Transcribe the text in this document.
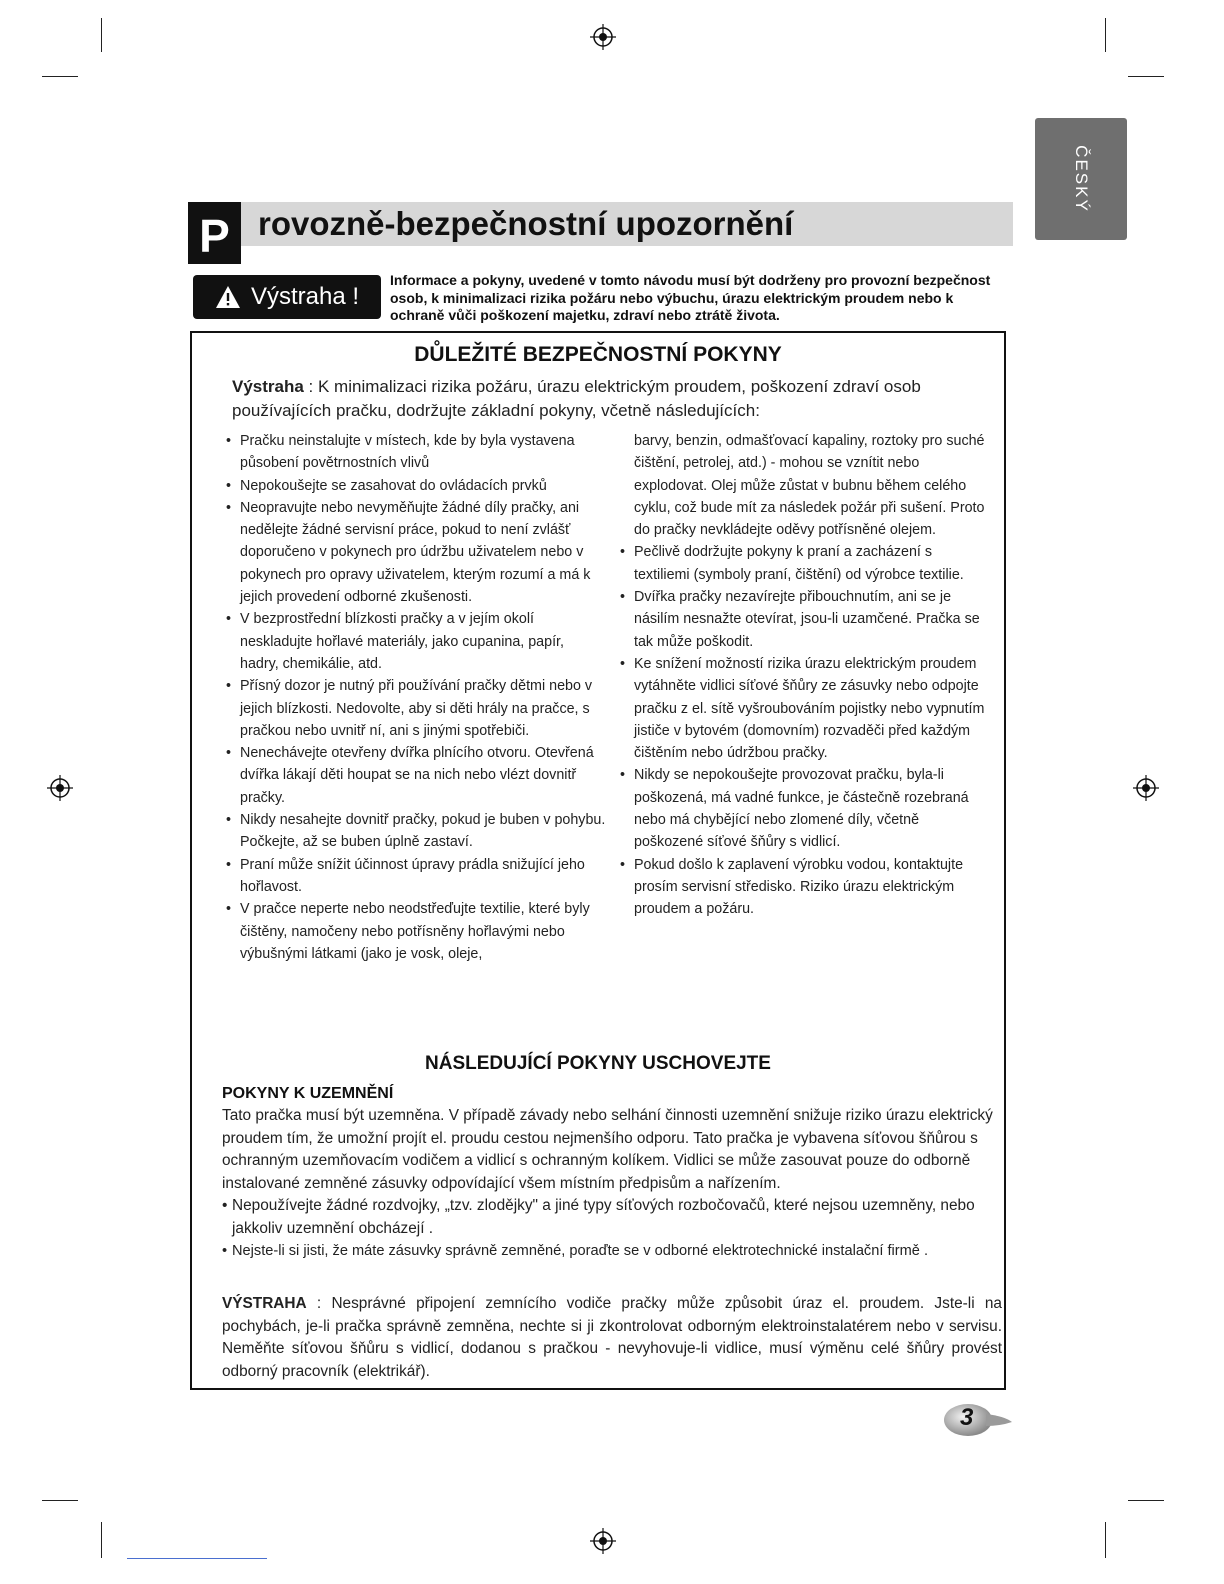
ČESKÝ
P rovozně-bezpečnostní upozornění
Výstraha !
Informace a pokyny, uvedené v tomto návodu musí být dodrženy pro provozní bezpečnost osob, k minimalizaci rizika požáru nebo výbuchu, úrazu elektrickým proudem nebo k ochraně vůči poškození majetku, zdraví nebo ztrátě života.
DŮLEŽITÉ BEZPEČNOSTNÍ POKYNY
Výstraha : K minimalizaci rizika požáru, úrazu elektrickým proudem, poškození zdraví osob používajících pračku, dodržujte základní pokyny, včetně následujících:

• Pračku neinstalujte v místech, kde by byla vystavena působení povětrnostních vlivů

• Nepokoušejte se zasahovat do ovládacích prvků

• Neopravujte nebo nevyměňujte žádné díly pračky, ani nedělejte žádné servisní práce, pokud to není zvlášť doporučeno v pokynech pro údržbu uživatelem nebo v pokynech pro opravy uživatelem, kterým rozumí a má k jejich provedení odborné zkušenosti.

• V bezprostřední blízkosti pračky a v jejím okolí neskladujte hořlavé materiály, jako cupanina, papír, hadry, chemikálie, atd.

• Přísný dozor je nutný při používání pračky dětmi nebo v jejich blízkosti. Nedovolte, aby si děti hrály na pračce, s pračkou nebo uvnitř ní, ani s jinými spotřebiči.

• Nenechávejte otevřeny dvířka plnícího otvoru. Otevřená dvířka lákají děti houpat se na nich nebo vlézt dovnitř pračky.

• Nikdy nesahejte dovnitř pračky, pokud je buben v pohybu. Počkejte, až se buben úplně zastaví.

• Praní může snížit účinnost úpravy prádla snižující jeho hořlavost.

• V pračce neperte nebo neodstřeďujte textilie, které byly čištěny, namočeny nebo potřísněny hořlavými nebo výbušnými látkami (jako je vosk, oleje,

barvy, benzin, odmašťovací kapaliny, roztoky pro suché čištění, petrolej, atd.) - mohou se vznítit nebo explodovat. Olej může zůstat v bubnu během celého cyklu, což bude mít za následek požár při sušení. Proto do pračky nevkládejte oděvy potřísněné olejem.

• Pečlivě dodržujte pokyny k praní a zacházení s textiliemi (symboly praní, čištění) od výrobce textilie.

• Dvířka pračky nezavírejte přibouchnutím, ani se je násilím nesnažte otevírat, jsou-li uzamčené. Pračka se tak může poškodit.

• Ke snížení možností rizika úrazu elektrickým proudem vytáhněte vidlici síťové šňůry ze zásuvky nebo odpojte pračku z el. sítě vyšroubováním pojistky nebo vypnutím jističe v bytovém (domovním) rozvaděči před každým čištěním nebo údržbou pračky.

• Nikdy se nepokoušejte provozovat pračku, byla-li poškozená, má vadné funkce, je částečně rozebraná nebo má chybějící nebo zlomené díly, včetně poškozené síťové šňůry s vidlicí.

• Pokud došlo k zaplavení výrobku vodou, kontaktujte prosím servisní středisko. Riziko úrazu elektrickým proudem a požáru.

NÁSLEDUJÍCÍ POKYNY USCHOVEJTE
POKYNY K UZEMNĚNÍ

Tato pračka musí být uzemněna. V případě závady nebo selhání činnosti uzemnění snižuje riziko úrazu elektrický proudem tím, že umožní projít el. proudu cestou nejmenšího odporu. Tato pračka je vybavena síťovou šňůrou s ochranným uzemňovacím vodičem a vidlicí s ochranným kolíkem. Vidlici se může zasouvat pouze do odborně instalované zemněné zásuvky odpovídající všem místním předpisům a nařízením.

• Nepoužívejte žádné rozdvojky, „tzv. zlodějky" a jiné typy síťových rozbočovačů, které nejsou uzemněny, nebo jakkoliv uzemnění obcházejí .

• Nejste-li si jisti, že máte zásuvky správně zemněné, poraďte se v odborné elektrotechnické instalační firmě .

VÝSTRAHA : Nesprávné připojení zemnícího vodiče pračky může způsobit úraz el. proudem. Jste-li na pochybách, je-li pračka správně zemněna, nechte si ji zkontrolovat odborným elektroinstalatérem nebo v servisu. Neměňte síťovou šňůru s vidlicí, dodanou s pračkou - nevyhovuje-li vidlice, musí výměnu celé šňůry provést odborný pracovník (elektrikář).
3
